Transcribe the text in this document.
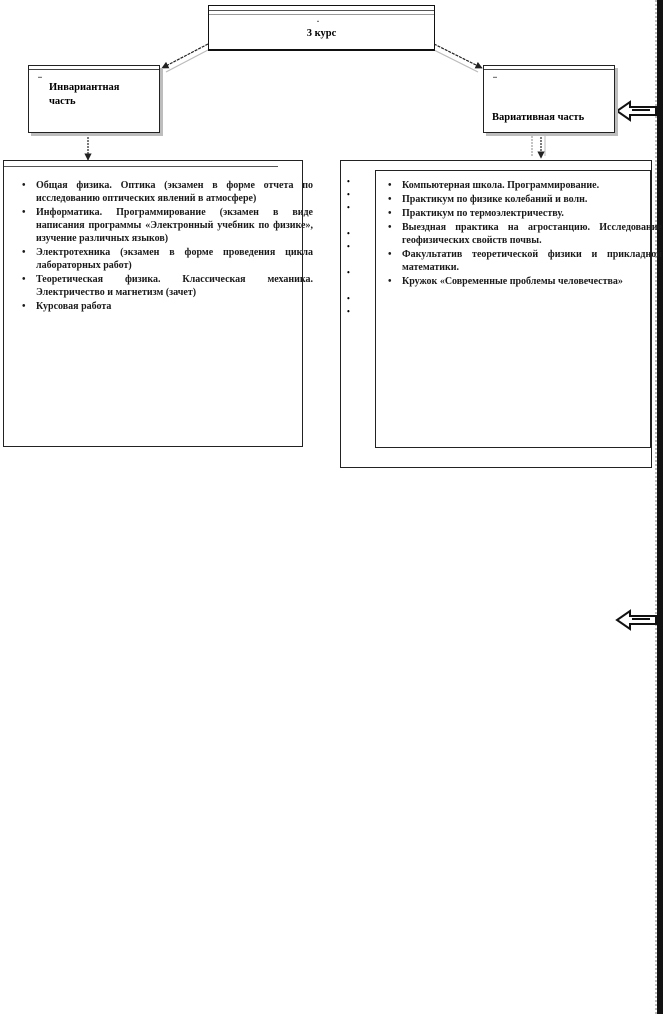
.
3 курс
..
Инвариантная часть
..
Вариативная часть
• Общая физика. Оптика (экзамен в форме отчета по исследованию оптических явлений в атмосфере)
• Информатика. Программирование (экзамен в виде написания программы «Электронный учебник по физике», изучение различных языков)
• Электротехника (экзамен в форме проведения цикла лабораторных работ)
• Теоретическая физика. Классическая механика. Электричество и магнетизм (зачет)
• Курсовая работа
•
•
•

•
•

•

•
•
• Компьютерная школа. Программирование.
• Практикум по физике колебаний и волн.
• Практикум по термоэлектричеству.
• Выездная практика на агростанцию. Исследование геофизических свойств почвы.
• Факультатив теоретической физики и прикладной математики.
• Кружок «Современные проблемы человечества»
